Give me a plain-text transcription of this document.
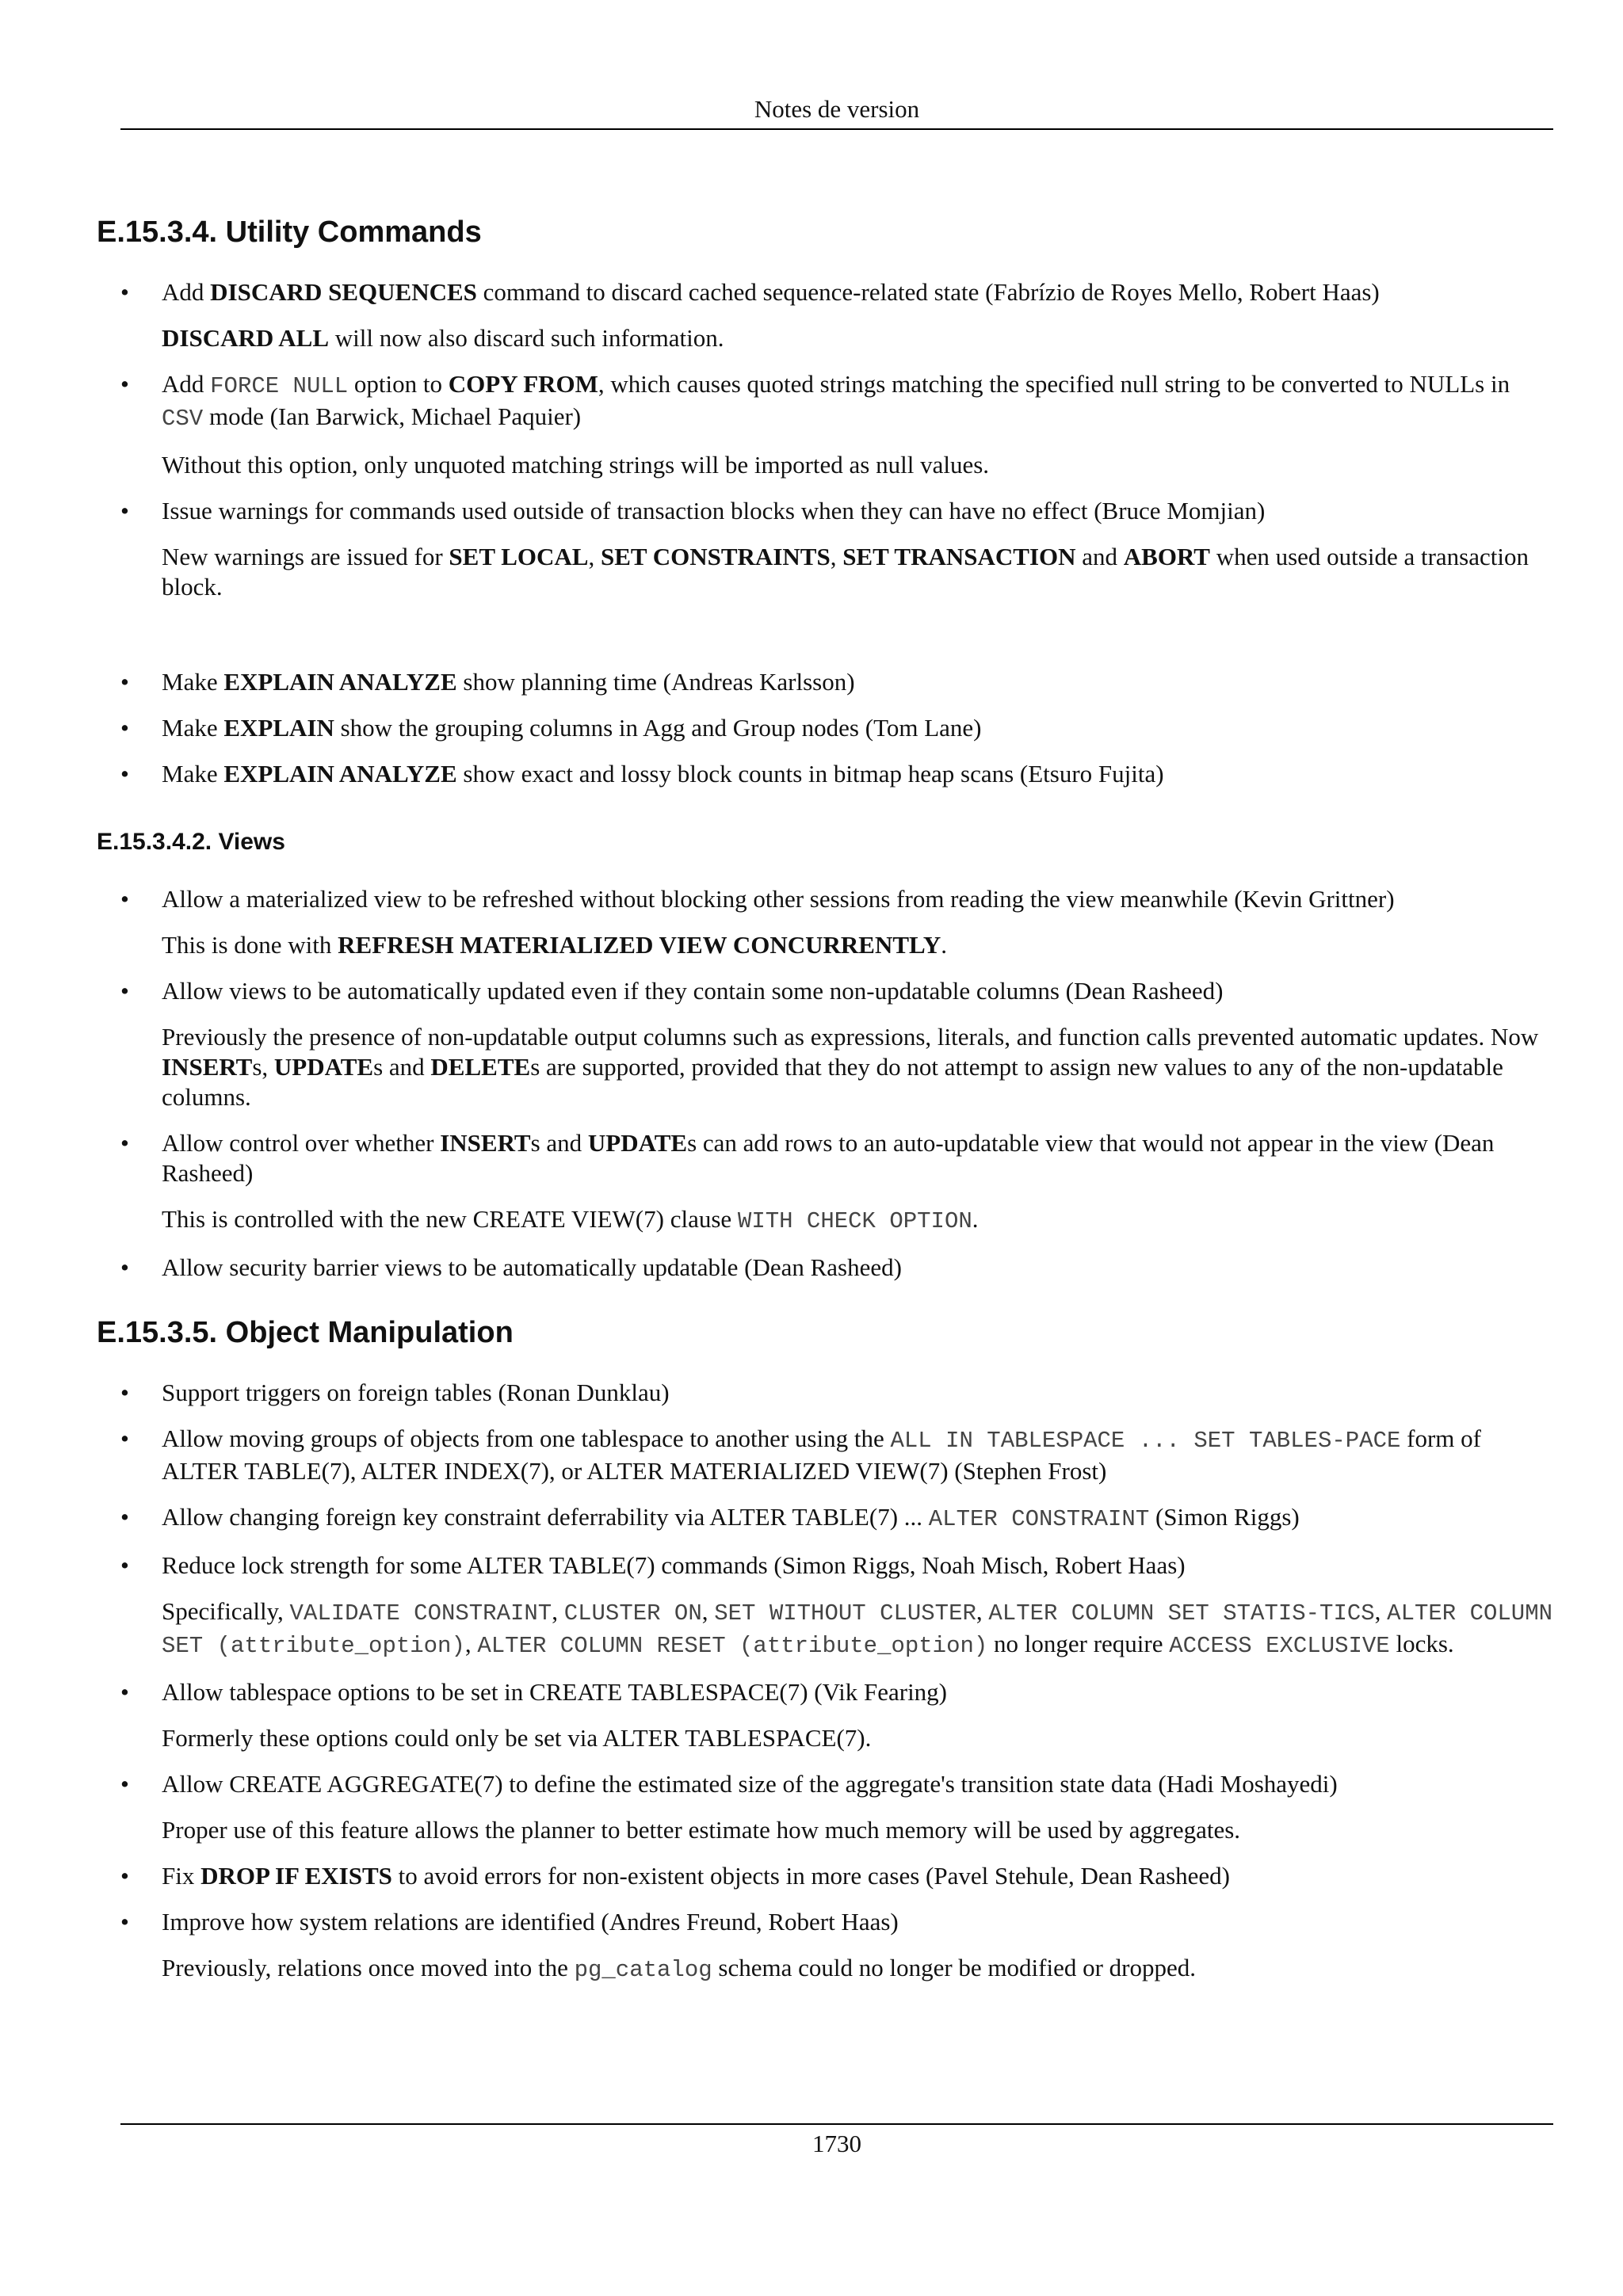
Notes de version
E.15.3.4. Utility Commands
• Add DISCARD SEQUENCES command to discard cached sequence-related state (Fabrízio de Royes Mello, Robert Haas)

DISCARD ALL will now also discard such information.

• Add FORCE NULL option to COPY FROM, which causes quoted strings matching the specified null string to be converted to NULLs in CSV mode (Ian Barwick, Michael Paquier)

Without this option, only unquoted matching strings will be imported as null values.

• Issue warnings for commands used outside of transaction blocks when they can have no effect (Bruce Momjian)

New warnings are issued for SET LOCAL, SET CONSTRAINTS, SET TRANSACTION and ABORT when used outside a transaction block.

• Make EXPLAIN ANALYZE show planning time (Andreas Karlsson)

• Make EXPLAIN show the grouping columns in Agg and Group nodes (Tom Lane)

• Make EXPLAIN ANALYZE show exact and lossy block counts in bitmap heap scans (Etsuro Fujita)

E.15.3.4.2. Views
• Allow a materialized view to be refreshed without blocking other sessions from reading the view meanwhile (Kevin Grittner)

This is done with REFRESH MATERIALIZED VIEW CONCURRENTLY.

• Allow views to be automatically updated even if they contain some non-updatable columns (Dean Rasheed)

Previously the presence of non-updatable output columns such as expressions, literals, and function calls prevented automatic updates. Now INSERTs, UPDATEs and DELETEs are supported, provided that they do not attempt to assign new values to any of the non-updatable columns.

• Allow control over whether INSERTs and UPDATEs can add rows to an auto-updatable view that would not appear in the view (Dean Rasheed)

This is controlled with the new CREATE VIEW(7) clause WITH CHECK OPTION.

• Allow security barrier views to be automatically updatable (Dean Rasheed)

E.15.3.5. Object Manipulation
• Support triggers on foreign tables (Ronan Dunklau)

• Allow moving groups of objects from one tablespace to another using the ALL IN TABLESPACE ... SET TABLES-PACE form of ALTER TABLE(7), ALTER INDEX(7), or ALTER MATERIALIZED VIEW(7) (Stephen Frost)

• Allow changing foreign key constraint deferrability via ALTER TABLE(7) ... ALTER CONSTRAINT (Simon Riggs)

• Reduce lock strength for some ALTER TABLE(7) commands (Simon Riggs, Noah Misch, Robert Haas)

Specifically, VALIDATE CONSTRAINT, CLUSTER ON, SET WITHOUT CLUSTER, ALTER COLUMN SET STATIS-TICS, ALTER COLUMN SET (attribute_option), ALTER COLUMN RESET (attribute_option) no longer require ACCESS EXCLUSIVE locks.

• Allow tablespace options to be set in CREATE TABLESPACE(7) (Vik Fearing)

Formerly these options could only be set via ALTER TABLESPACE(7).

• Allow CREATE AGGREGATE(7) to define the estimated size of the aggregate's transition state data (Hadi Moshayedi)

Proper use of this feature allows the planner to better estimate how much memory will be used by aggregates.

• Fix DROP IF EXISTS to avoid errors for non-existent objects in more cases (Pavel Stehule, Dean Rasheed)

• Improve how system relations are identified (Andres Freund, Robert Haas)

Previously, relations once moved into the pg_catalog schema could no longer be modified or dropped.

1730
